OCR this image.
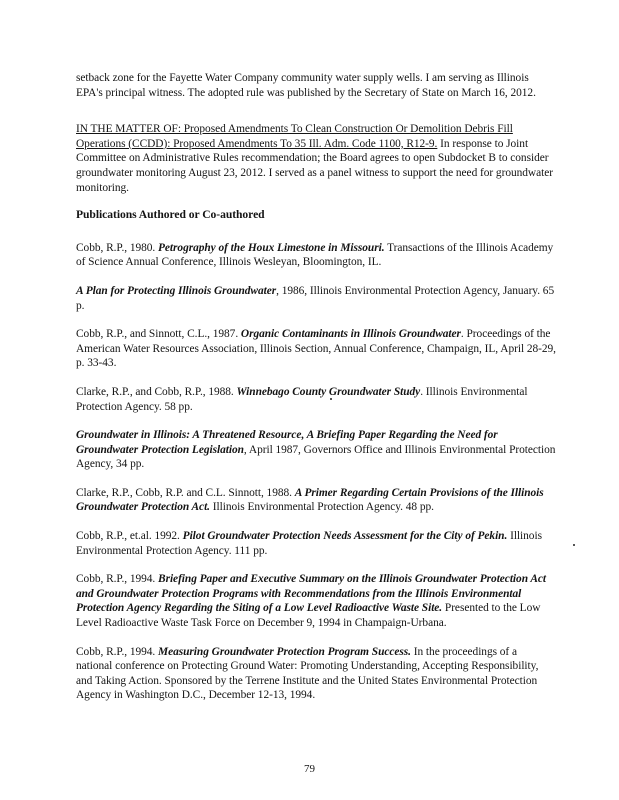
setback zone for the Fayette Water Company community water supply wells. I am serving as Illinois EPA's principal witness. The adopted rule was published by the Secretary of State on March 16, 2012.

IN THE MATTER OF: Proposed Amendments To Clean Construction Or Demolition Debris Fill Operations (CCDD): Proposed Amendments To 35 Ill. Adm. Code 1100, R12-9. In response to Joint Committee on Administrative Rules recommendation; the Board agrees to open Subdocket B to consider groundwater monitoring August 23, 2012. I served as a panel witness to support the need for groundwater monitoring.

Publications Authored or Co-authored

Cobb, R.P., 1980. Petrography of the Houx Limestone in Missouri. Transactions of the Illinois Academy of Science Annual Conference, Illinois Wesleyan, Bloomington, IL.

A Plan for Protecting Illinois Groundwater, 1986, Illinois Environmental Protection Agency, January. 65 p.

Cobb, R.P., and Sinnott, C.L., 1987. Organic Contaminants in Illinois Groundwater. Proceedings of the American Water Resources Association, Illinois Section, Annual Conference, Champaign, IL, April 28-29, p. 33-43.

Clarke, R.P., and Cobb, R.P., 1988. Winnebago County Groundwater Study. Illinois Environmental Protection Agency. 58 pp.

Groundwater in Illinois: A Threatened Resource, A Briefing Paper Regarding the Need for Groundwater Protection Legislation, April 1987, Governors Office and Illinois Environmental Protection Agency, 34 pp.

Clarke, R.P., Cobb, R.P. and C.L. Sinnott, 1988. A Primer Regarding Certain Provisions of the Illinois Groundwater Protection Act. Illinois Environmental Protection Agency. 48 pp.

Cobb, R.P., et.al. 1992. Pilot Groundwater Protection Needs Assessment for the City of Pekin. Illinois Environmental Protection Agency. 111 pp.

Cobb, R.P., 1994. Briefing Paper and Executive Summary on the Illinois Groundwater Protection Act and Groundwater Protection Programs with Recommendations from the Illinois Environmental Protection Agency Regarding the Siting of a Low Level Radioactive Waste Site. Presented to the Low Level Radioactive Waste Task Force on December 9, 1994 in Champaign-Urbana.

Cobb, R.P., 1994. Measuring Groundwater Protection Program Success. In the proceedings of a national conference on Protecting Ground Water: Promoting Understanding, Accepting Responsibility, and Taking Action. Sponsored by the Terrene Institute and the United States Environmental Protection Agency in Washington D.C., December 12-13, 1994.

79
